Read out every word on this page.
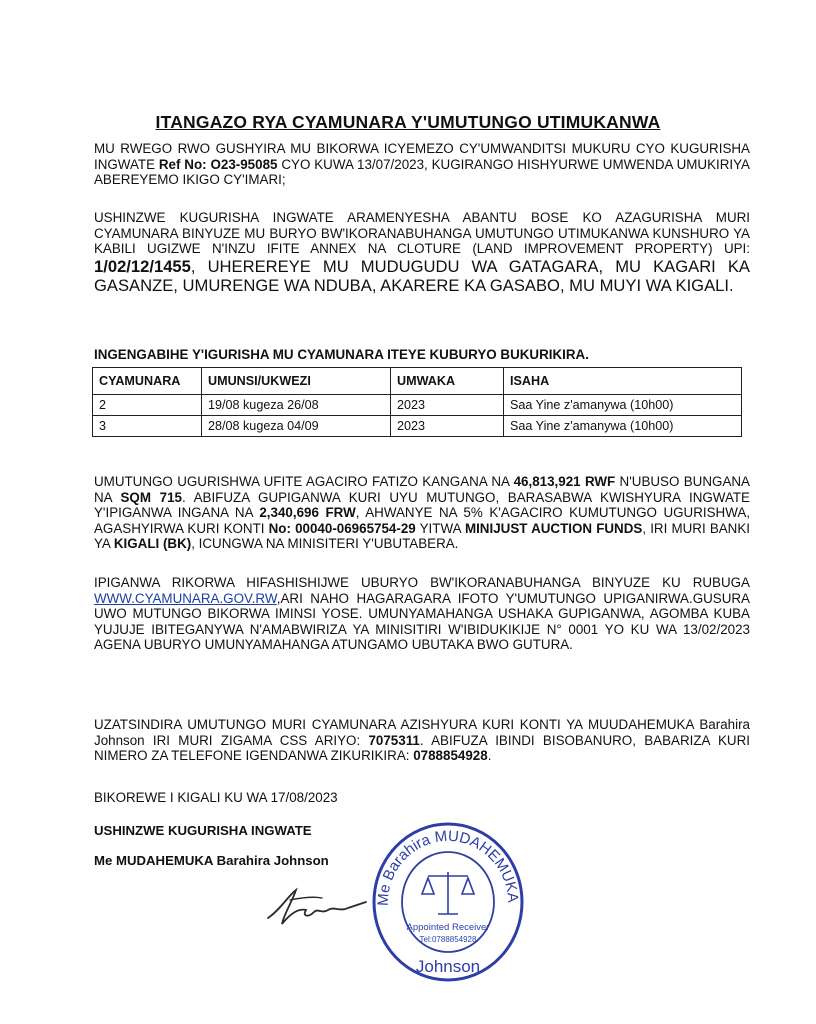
ITANGAZO RYA CYAMUNARA Y'UMUTUNGO UTIMUKANWA

MU RWEGO RWO GUSHYIRA MU BIKORWA ICYEMEZO CY'UMWANDITSI MUKURU CYO KUGURISHA INGWATE Ref No: O23-95085 CYO KUWA 13/07/2023, KUGIRANGO HISHYURWE UMWENDA UMUKIRIYA ABEREYEMO IKIGO CY'IMARI;

USHINZWE KUGURISHA INGWATE ARAMENYESHA ABANTU BOSE KO AZAGURISHA MURI CYAMUNARA BINYUZE MU BURYO BW'IKORANABUHANGA UMUTUNGO UTIMUKANWA KUNSHURO YA KABILI UGIZWE N'INZU IFITE ANNEX NA CLOTURE (LAND IMPROVEMENT PROPERTY) UPI: 1/02/12/1455, UHEREREYE MU MUDUGUDU WA GATAGARA, MU KAGARI KA GASANZE, UMURENGE WA NDUBA, AKARERE KA GASABO, MU MUYI WA KIGALI.

INGENGABIHE Y'IGURISHA MU CYAMUNARA ITEYE KUBURYO BUKURIKIRA.
CYAMUNARA	UMUNSI/UKWEZI	UMWAKA	ISAHA
2	19/08 kugeza 26/08	2023	Saa Yine z'amanywa (10h00)
3	28/08 kugeza 04/09	2023	Saa Yine z'amanywa (10h00)

UMUTUNGO UGURISHWA UFITE AGACIRO FATIZO KANGANA NA 46,813,921 RWF N'UBUSO BUNGANA NA SQM 715. ABIFUZA GUPIGANWA KURI UYU MUTUNGO, BARASABWA KWISHYURA INGWATE Y'IPIGANWA INGANA NA 2,340,696 FRW, AHWANYE NA 5% K'AGACIRO KUMUTUNGO UGURISHWA, AGASHYIRWA KURI KONTI No: 00040-06965754-29 YITWA MINIJUST AUCTION FUNDS, IRI MURI BANKI YA KIGALI (BK), ICUNGWA NA MINISITERI Y'UBUTABERA.

IPIGANWA RIKORWA HIFASHISHIJWE UBURYO BW'IKORANABUHANGA BINYUZE KU RUBUGA WWW.CYAMUNARA.GOV.RW,ARI NAHO HAGARAGARA IFOTO Y'UMUTUNGO UPIGANIRWA.GUSURA UWO MUTUNGO BIKORWA IMINSI YOSE. UMUNYAMAHANGA USHAKA GUPIGANWA, AGOMBA KUBA YUJUJE IBITEGANYWA N'AMABWIRIZA YA MINISITIRI W'IBIDUKIKIJE N° 0001 YO KU WA 13/02/2023 AGENA UBURYO UMUNYAMAHANGA ATUNGAMO UBUTAKA BWO GUTURA.

UZATSINDIRA UMUTUNGO MURI CYAMUNARA AZISHYURA KURI KONTI YA MUUDAHEMUKA Barahira Johnson IRI MURI ZIGAMA CSS ARIYO: 7075311. ABIFUZA IBINDI BISOBANURO, BABARIZA KURI NIMERO ZA TELEFONE IGENDANWA ZIKURIKIRA: 0788854928.

BIKOREWE I KIGALI KU WA 17/08/2023
USHINZWE KUGURISHA INGWATE
Me MUDAHEMUKA Barahira Johnson
Me Barahira MUDAHEMUKA
Appointed Receiver
Tel:0788854928
Johnson
